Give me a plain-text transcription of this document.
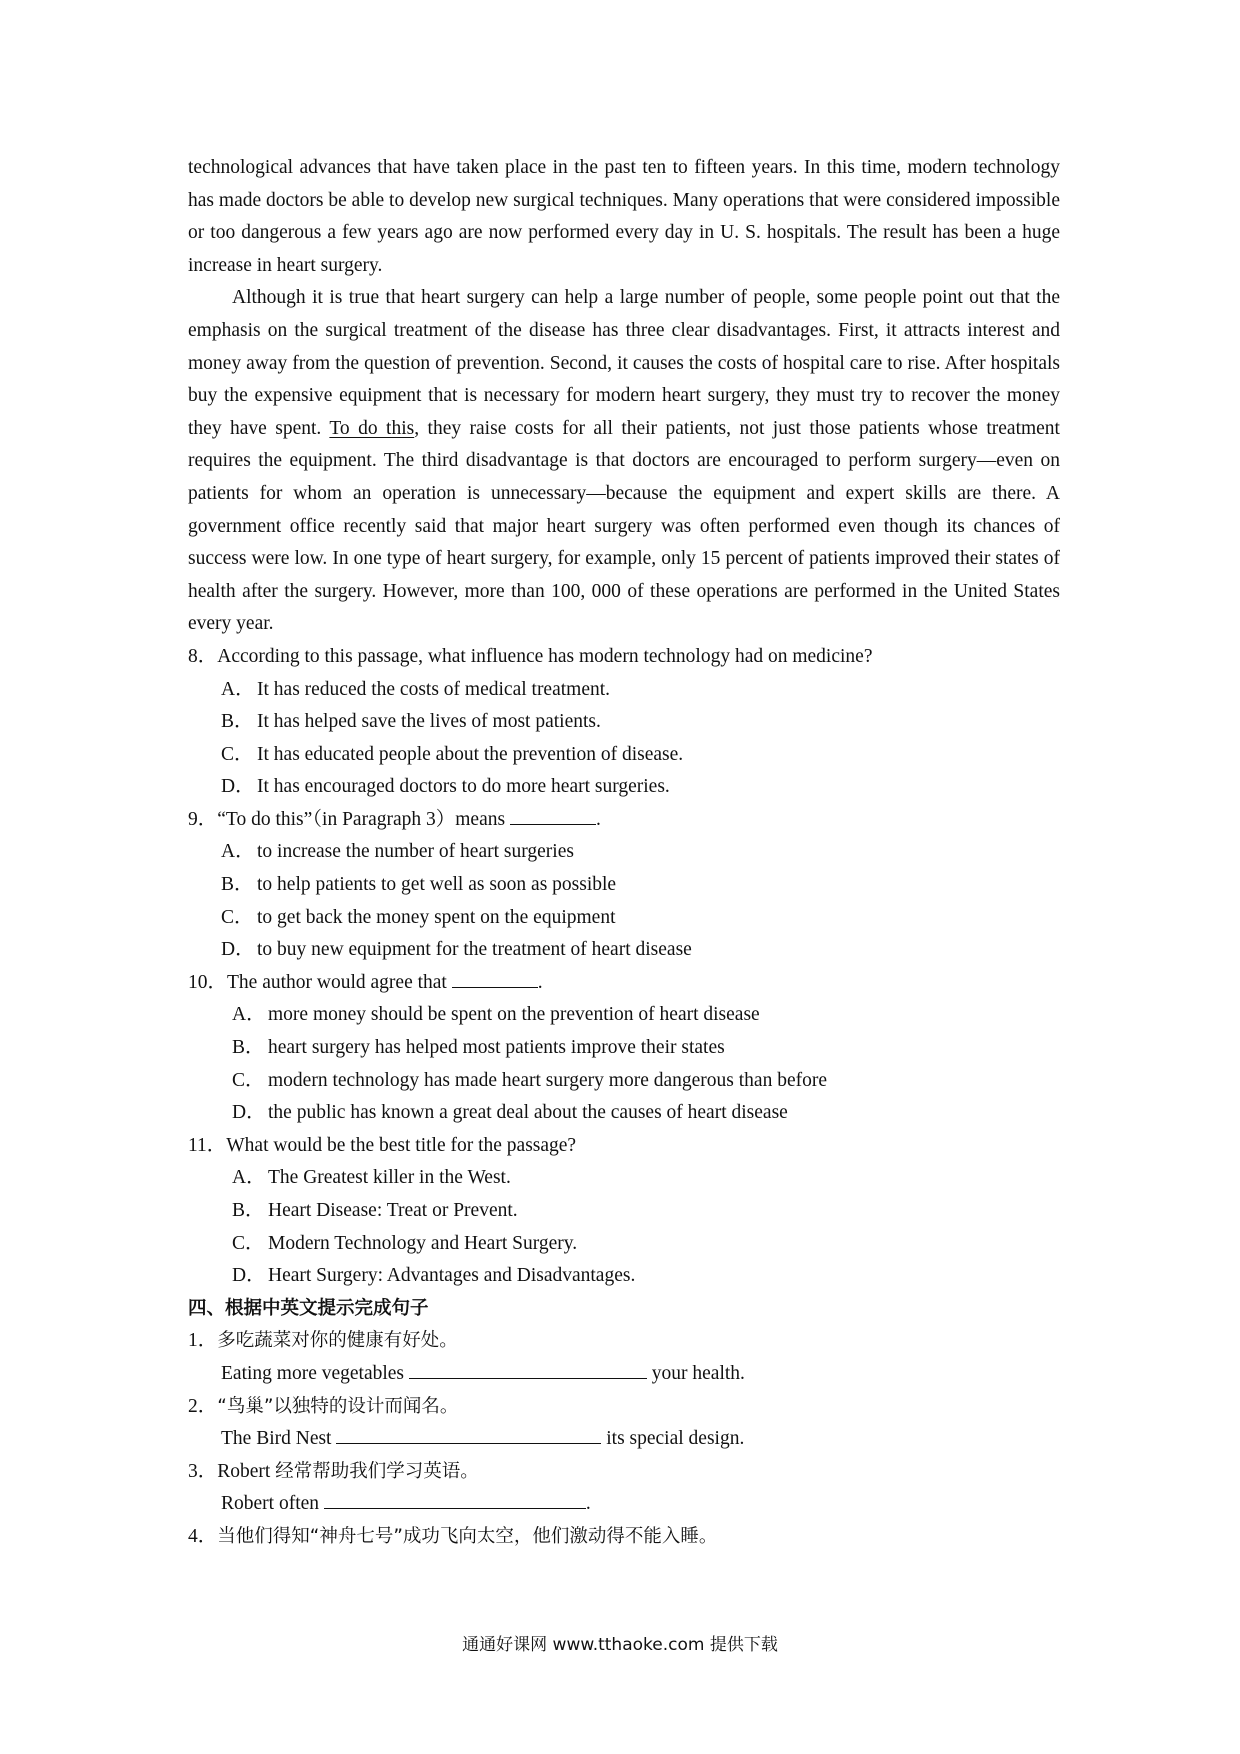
technological advances that have taken place in the past ten to fifteen years. In this time, modern technology has made doctors be able to develop new surgical techniques. Many operations that were considered impossible or too dangerous a few years ago are now performed every day in U. S. hospitals. The result has been a huge increase in heart surgery.

Although it is true that heart surgery can help a large number of people, some people point out that the emphasis on the surgical treatment of the disease has three clear disadvantages. First, it attracts interest and money away from the question of prevention. Second, it causes the costs of hospital care to rise. After hospitals buy the expensive equipment that is necessary for modern heart surgery, they must try to recover the money they have spent. To do this, they raise costs for all their patients, not just those patients whose treatment requires the equipment. The third disadvantage is that doctors are encouraged to perform surgery—even on patients for whom an operation is unnecessary—because the equipment and expert skills are there. A government office recently said that major heart surgery was often performed even though its chances of success were low. In one type of heart surgery, for example, only 15 percent of patients improved their states of health after the surgery. However, more than 100, 000 of these operations are performed in the United States every year.

8．According to this passage, what influence has modern technology had on medicine?

A． It has reduced the costs of medical treatment.

B． It has helped save the lives of most patients.

C． It has educated people about the prevention of disease.

D． It has encouraged doctors to do more heart surgeries.

9．“To do this”（in Paragraph 3）means	.

A． to increase the number of heart surgeries

B． to help patients to get well as soon as possible

C． to get back the money spent on the equipment

D． to buy new equipment for the treatment of heart disease

10．The author would agree that	.

A． more money should be spent on the prevention of heart disease

B． heart surgery has helped most patients improve their states

C． modern technology has made heart surgery more dangerous than before

D． the public has known a great deal about the causes of heart disease

11．What would be the best title for the passage?

A． The Greatest killer in the West.

B． Heart Disease: Treat or Prevent.

C． Modern Technology and Heart Surgery.

D． Heart Surgery: Advantages and Disadvantages.

四、根据中英文提示完成句子

1．多吃蔬菜对你的健康有好处。

Eating more vegetables	your health.

2．“鸟巢”以独特的设计而闻名。

The Bird Nest	its special design.

3．Robert 经常帮助我们学习英语。

Robert often	.

4．当他们得知“神舟七号”成功飞向太空，他们激动得不能入睡。

通通好课网 www.tthaoke.com 提供下载
